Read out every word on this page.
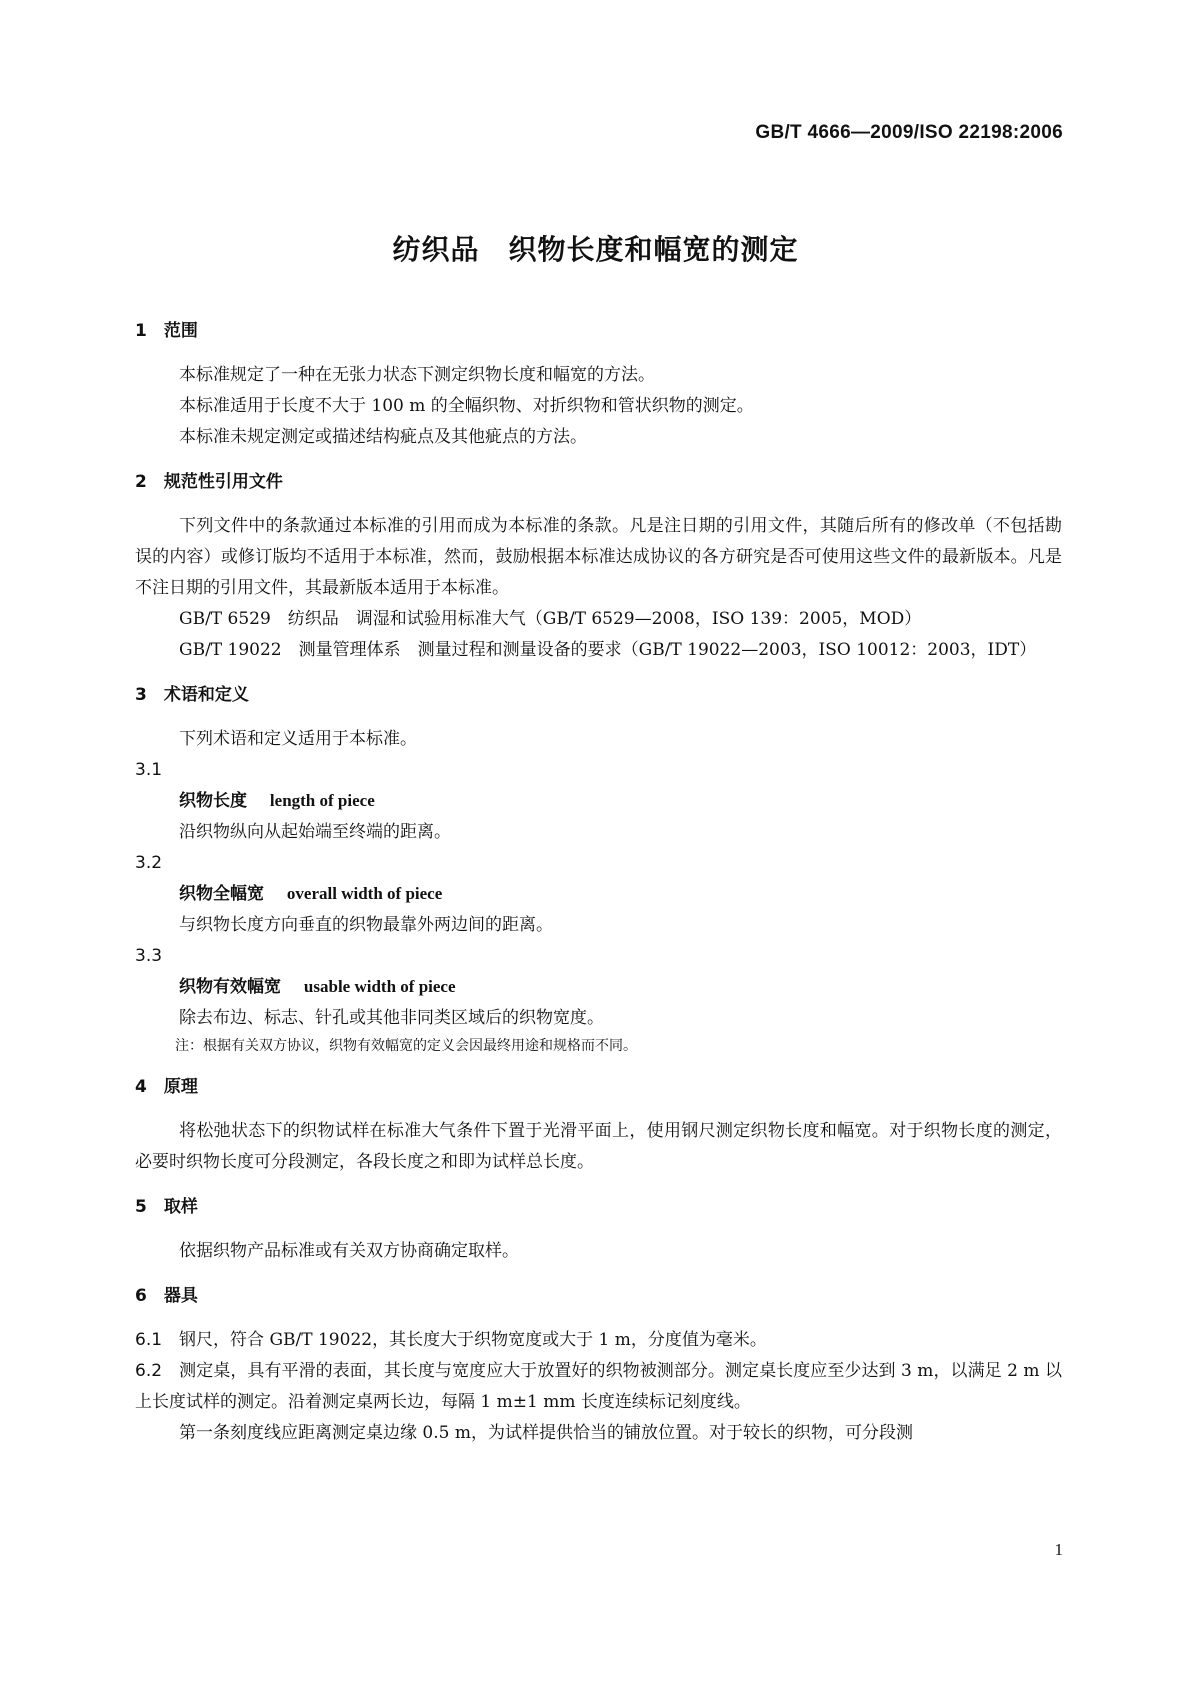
GB/T 4666—2009/ISO 22198:2006
纺织品　织物长度和幅宽的测定

1　范围

本标准规定了一种在无张力状态下测定织物长度和幅宽的方法。

本标准适用于长度不大于 100 m 的全幅织物、对折织物和管状织物的测定。

本标准未规定测定或描述结构疵点及其他疵点的方法。

2　规范性引用文件

下列文件中的条款通过本标准的引用而成为本标准的条款。凡是注日期的引用文件，其随后所有的修改单（不包括勘误的内容）或修订版均不适用于本标准，然而，鼓励根据本标准达成协议的各方研究是否可使用这些文件的最新版本。凡是不注日期的引用文件，其最新版本适用于本标准。

GB/T 6529　纺织品　调湿和试验用标准大气（GB/T 6529—2008，ISO 139：2005，MOD）

GB/T 19022　测量管理体系　测量过程和测量设备的要求（GB/T 19022—2003，ISO 10012：2003，IDT）

3　术语和定义

下列术语和定义适用于本标准。

3.1

织物长度　 length of piece

沿织物纵向从起始端至终端的距离。

3.2

织物全幅宽　 overall width of piece

与织物长度方向垂直的织物最靠外两边间的距离。

3.3

织物有效幅宽　 usable width of piece

除去布边、标志、针孔或其他非同类区域后的织物宽度。

注：根据有关双方协议，织物有效幅宽的定义会因最终用途和规格而不同。

4　原理

将松弛状态下的织物试样在标准大气条件下置于光滑平面上，使用钢尺测定织物长度和幅宽。对于织物长度的测定，必要时织物长度可分段测定，各段长度之和即为试样总长度。

5　取样

依据织物产品标准或有关双方协商确定取样。

6　器具

6.1　 钢尺，符合 GB/T 19022，其长度大于织物宽度或大于 1 m，分度值为毫米。

6.2　 测定桌，具有平滑的表面，其长度与宽度应大于放置好的织物被测部分。测定桌长度应至少达到 3 m，以满足 2 m 以上长度试样的测定。沿着测定桌两长边，每隔 1 m±1 mm 长度连续标记刻度线。

第一条刻度线应距离测定桌边缘 0.5 m，为试样提供恰当的铺放位置。对于较长的织物，可分段测

1
